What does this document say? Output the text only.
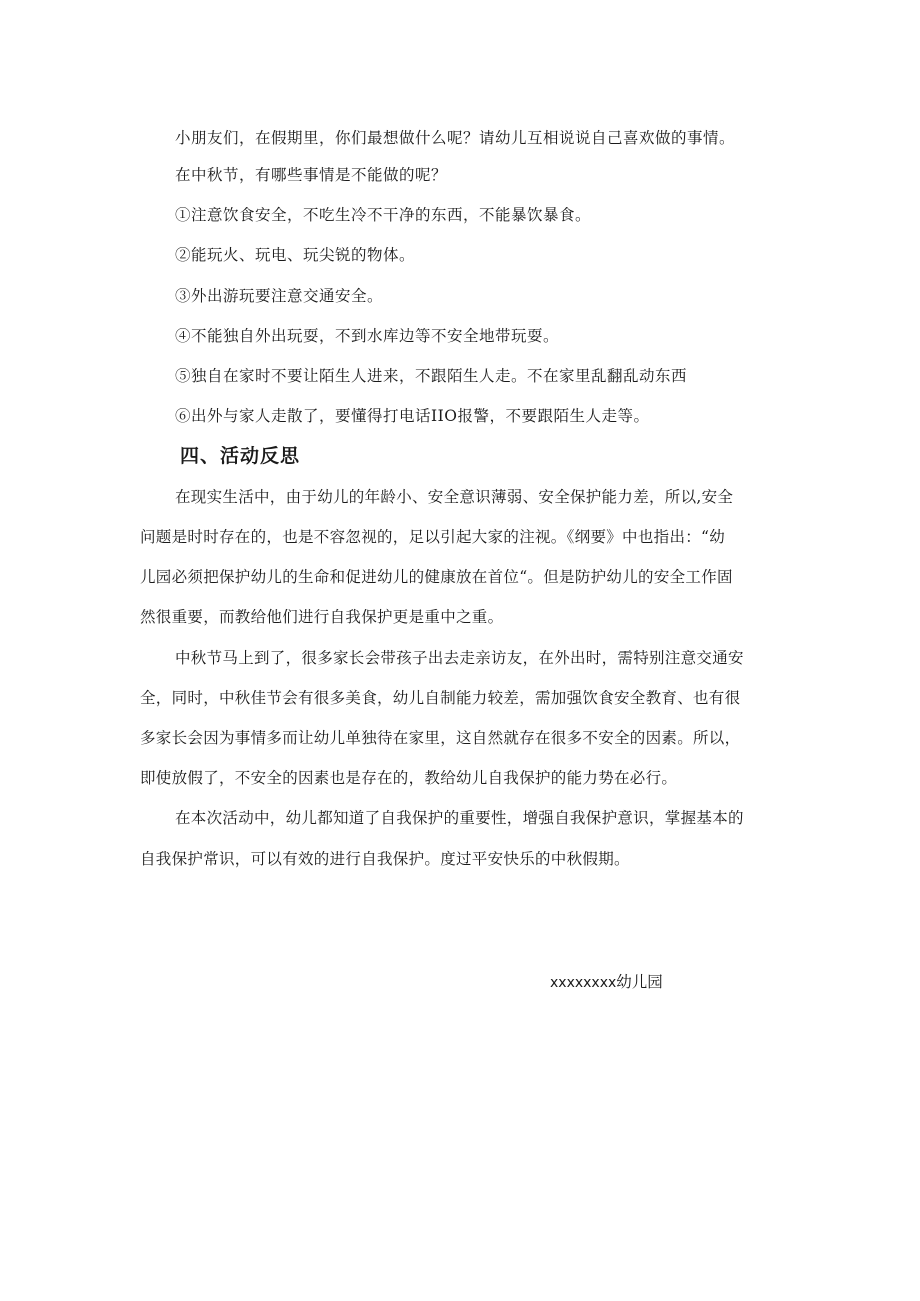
小朋友们，在假期里，你们最想做什么呢？请幼儿互相说说自己喜欢做的事情。
在中秋节，有哪些事情是不能做的呢？
①注意饮食安全，不吃生冷不干净的东西，不能暴饮暴食。
②能玩火、玩电、玩尖锐的物体。
③外出游玩要注意交通安全。
④不能独自外出玩耍，不到水库边等不安全地带玩耍。
⑤独自在家时不要让陌生人进来，不跟陌生人走。不在家里乱翻乱动东西
⑥出外与家人走散了，要懂得打电话IIO报警，不要跟陌生人走等。
四、活动反思
在现实生活中，由于幼儿的年龄小、安全意识薄弱、安全保护能力差，所以,安全
问题是时时存在的，也是不容忽视的，足以引起大家的注视。《纲要》中也指出：“幼
儿园必须把保护幼儿的生命和促进幼儿的健康放在首位“。但是防护幼儿的安全工作固
然很重要，而教给他们进行自我保护更是重中之重。
中秋节马上到了，很多家长会带孩子出去走亲访友，在外出时，需特别注意交通安
全，同时，中秋佳节会有很多美食，幼儿自制能力较差，需加强饮食安全教育、也有很
多家长会因为事情多而让幼儿单独待在家里，这自然就存在很多不安全的因素。所以，
即使放假了，不安全的因素也是存在的，教给幼儿自我保护的能力势在必行。
在本次活动中，幼儿都知道了自我保护的重要性，增强自我保护意识，掌握基本的
自我保护常识，可以有效的进行自我保护。度过平安快乐的中秋假期。
xxxxxxxx幼儿园
